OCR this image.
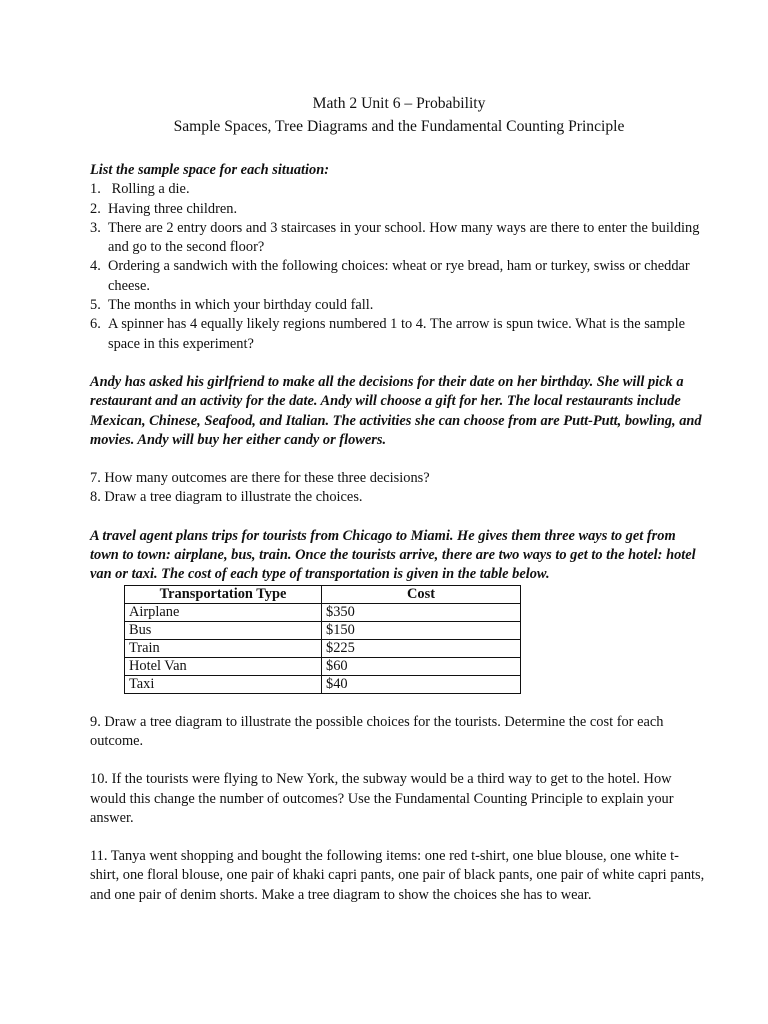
Math 2 Unit 6 – Probability
Sample Spaces, Tree Diagrams and the Fundamental Counting Principle
List the sample space for each situation:
1. Rolling a die.
2. Having three children.
3. There are 2 entry doors and 3 staircases in your school. How many ways are there to enter the building and go to the second floor?
4. Ordering a sandwich with the following choices: wheat or rye bread, ham or turkey, swiss or cheddar cheese.
5. The months in which your birthday could fall.
6. A spinner has 4 equally likely regions numbered 1 to 4. The arrow is spun twice. What is the sample space in this experiment?

Andy has asked his girlfriend to make all the decisions for their date on her birthday. She will pick a restaurant and an activity for the date. Andy will choose a gift for her. The local restaurants include Mexican, Chinese, Seafood, and Italian. The activities she can choose from are Putt-Putt, bowling, and movies. Andy will buy her either candy or flowers.

7. How many outcomes are there for these three decisions?

8. Draw a tree diagram to illustrate the choices.

A travel agent plans trips for tourists from Chicago to Miami. He gives them three ways to get from town to town: airplane, bus, train. Once the tourists arrive, there are two ways to get to the hotel: hotel van or taxi. The cost of each type of transportation is given in the table below.

Transportation Type	Cost
Airplane	$350
Bus	$150
Train	$225
Hotel Van	$60
Taxi	$40

9. Draw a tree diagram to illustrate the possible choices for the tourists. Determine the cost for each outcome.

10. If the tourists were flying to New York, the subway would be a third way to get to the hotel. How would this change the number of outcomes? Use the Fundamental Counting Principle to explain your answer.

11. Tanya went shopping and bought the following items: one red t-shirt, one blue blouse, one white t-shirt, one floral blouse, one pair of khaki capri pants, one pair of black pants, one pair of white capri pants, and one pair of denim shorts. Make a tree diagram to show the choices she has to wear.
